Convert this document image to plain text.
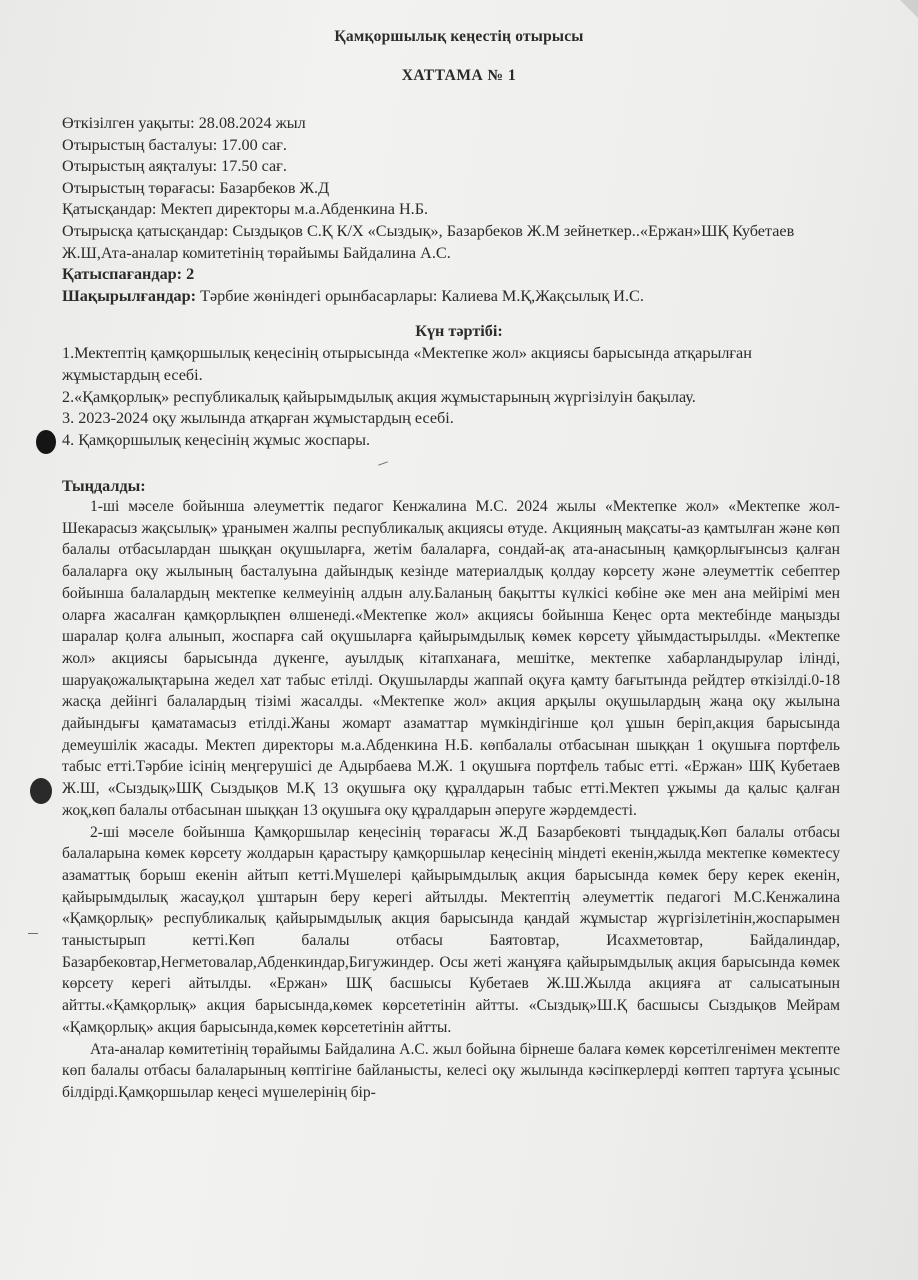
Қамқоршылық кеңестің отырысы
ХАТТАМА № 1
Өткізілген уақыты: 28.08.2024 жыл
Отырыстың басталуы: 17.00 сағ.
Отырыстың аяқталуы: 17.50 сағ.
Отырыстың төрағасы: Базарбеков Ж.Д
Қатысқандар: Мектеп директоры м.а.Абденкина Н.Б.
Отырысқа қатысқандар: Сыздықов С.Қ К/Х «Сыздық», Базарбеков Ж.М зейнеткер..«Ержан»ШҚ Кубетаев Ж.Ш,Ата-аналар комитетінің төрайымы Байдалина А.С.
Қатыспағандар: 2
Шақырылғандар: Тәрбие жөніндегі орынбасарлары: Калиева М.Қ,Жақсылық И.С.
Күн тәртібі:

1.Мектептің қамқоршылық кеңесінің отырысында «Мектепке жол» акциясы барысында атқарылған жұмыстардың есебі.

2.«Қамқорлық» республикалық қайырымдылық акция жұмыстарының жүргізілуін бақылау.

3. 2023-2024 оқу жылында атқарған жұмыстардың есебі.

4. Қамқоршылық кеңесінің жұмыс жоспары.

Тыңдалды:

1-ші мәселе бойынша әлеуметтік педагог Кенжалина М.С. 2024 жылы «Мектепке жол» «Мектепке жол-Шекарасыз жақсылық» ұранымен жалпы республикалық акциясы өтуде. Акцияның мақсаты-аз қамтылған және көп балалы отбасылардан шыққан оқушыларға, жетім балаларға, сондай-ақ ата-анасының қамқорлығынсыз қалған балаларға оқу жылының басталуына дайындық кезінде материалдық қолдау көрсету және әлеуметтік себептер бойынша балалардың мектепке келмеуінің алдын алу.Баланың бақытты күлкісі көбіне әке мен ана мейірімі мен оларға жасалған қамқорлықпен өлшенеді.«Мектепке жол» акциясы бойынша Кеңес орта мектебінде маңызды шаралар қолға алынып, жоспарға сай оқушыларға қайырымдылық көмек көрсету ұйымдастырылды. «Мектепке жол» акциясы барысында дүкенге, ауылдық кітапханаға, мешітке, мектепке хабарландырулар ілінді, шаруақожалықтарына жедел хат табыс етілді. Оқушыларды жаппай оқуға қамту бағытында рейдтер өткізілді.0-18 жасқа дейінгі балалардың тізімі жасалды. «Мектепке жол» акция арқылы оқушылардың жаңа оқу жылына дайындығы қаматамасыз етілді.Жаны жомарт азаматтар мүмкіндігінше қол ұшын беріп,акция барысында демеушілік жасады. Мектеп директоры м.а.Абденкина Н.Б. көпбалалы отбасынан шыққан 1 оқушыға портфель табыс етті.Тәрбие ісінің меңгерушісі де Адырбаева М.Ж. 1 оқушыға портфель табыс етті. «Ержан» ШҚ Кубетаев Ж.Ш, «Сыздық»ШҚ Сыздықов М.Қ 13 оқушыға оқу құралдарын табыс етті.Мектеп ұжымы да қалыс қалған жоқ,көп балалы отбасынан шыққан 13 оқушыға оқу құралдарын әперуге жәрдемдесті.

2-ші мәселе бойынша Қамқоршылар кеңесінің төрағасы Ж.Д Базарбековті тыңдадық.Көп балалы отбасы балаларына көмек көрсету жолдарын қарастыру қамқоршылар кеңесінің міндеті екенін,жылда мектепке көмектесу азаматтық борыш екенін айтып кетті.Мүшелері қайырымдылық акция барысында көмек беру керек екенін, қайырымдылық жасау,қол ұштарын беру керегі айтылды. Мектептің әлеуметтік педагогі М.С.Кенжалина «Қамқорлық» республикалық қайырымдылық акция барысында қандай жұмыстар жүргізілетінін,жоспарымен таныстырып кетті.Көп балалы отбасы Баятовтар, Исахметовтар, Байдалиндар, Базарбековтар,Негметовалар,Абденкиндар,Бигужиндер. Осы жеті жанұяға қайырымдылық акция барысында көмек көрсету керегі айтылды. «Ержан» ШҚ басшысы Кубетаев Ж.Ш.Жылда акцияға ат салысатынын айтты.«Қамқорлық» акция барысында,көмек көрсететінін айтты. «Сыздық»Ш.Қ басшысы Сыздықов Мейрам «Қамқорлық» акция барысында,көмек көрсететінін айтты.

Ата-аналар көмитетінің төрайымы Байдалина А.С. жыл бойына бірнеше балаға көмек көрсетілгенімен мектепте көп балалы отбасы балаларының көптігіне байланысты, келесі оқу жылында кәсіпкерлерді көптеп тартуға ұсыныс білдірді.Қамқоршылар кеңесі мүшелерінің бір-
